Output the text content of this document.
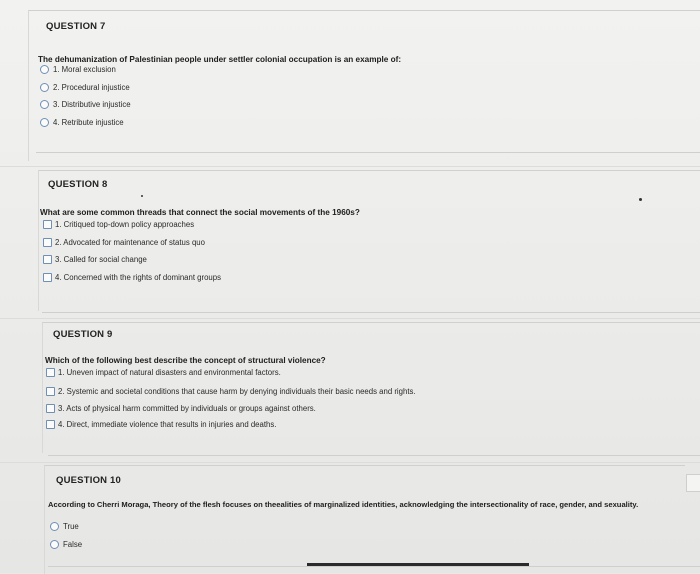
QUESTION 7
The dehumanization of Palestinian people under settler colonial occupation is an example of:
1. Moral exclusion
2. Procedural injustice
3. Distributive injustice
4. Retribute injustice
QUESTION 8
What are some common threads that connect the social movements of the 1960s?
1. Critiqued top-down policy approaches
2. Advocated for maintenance of status quo
3. Called for social change
4. Concerned with the rights of dominant groups
QUESTION 9
Which of the following best describe the concept of structural violence?
1. Uneven impact of natural disasters and environmental factors.
2. Systemic and societal conditions that cause harm by denying individuals their basic needs and rights.
3. Acts of physical harm committed by individuals or groups against others.
4. Direct, immediate violence that results in injuries and deaths.
QUESTION 10
According to Cherri Moraga, Theory of the flesh focuses on theealities of marginalized identities, acknowledging the intersectionality of race, gender, and sexuality.
True
False
